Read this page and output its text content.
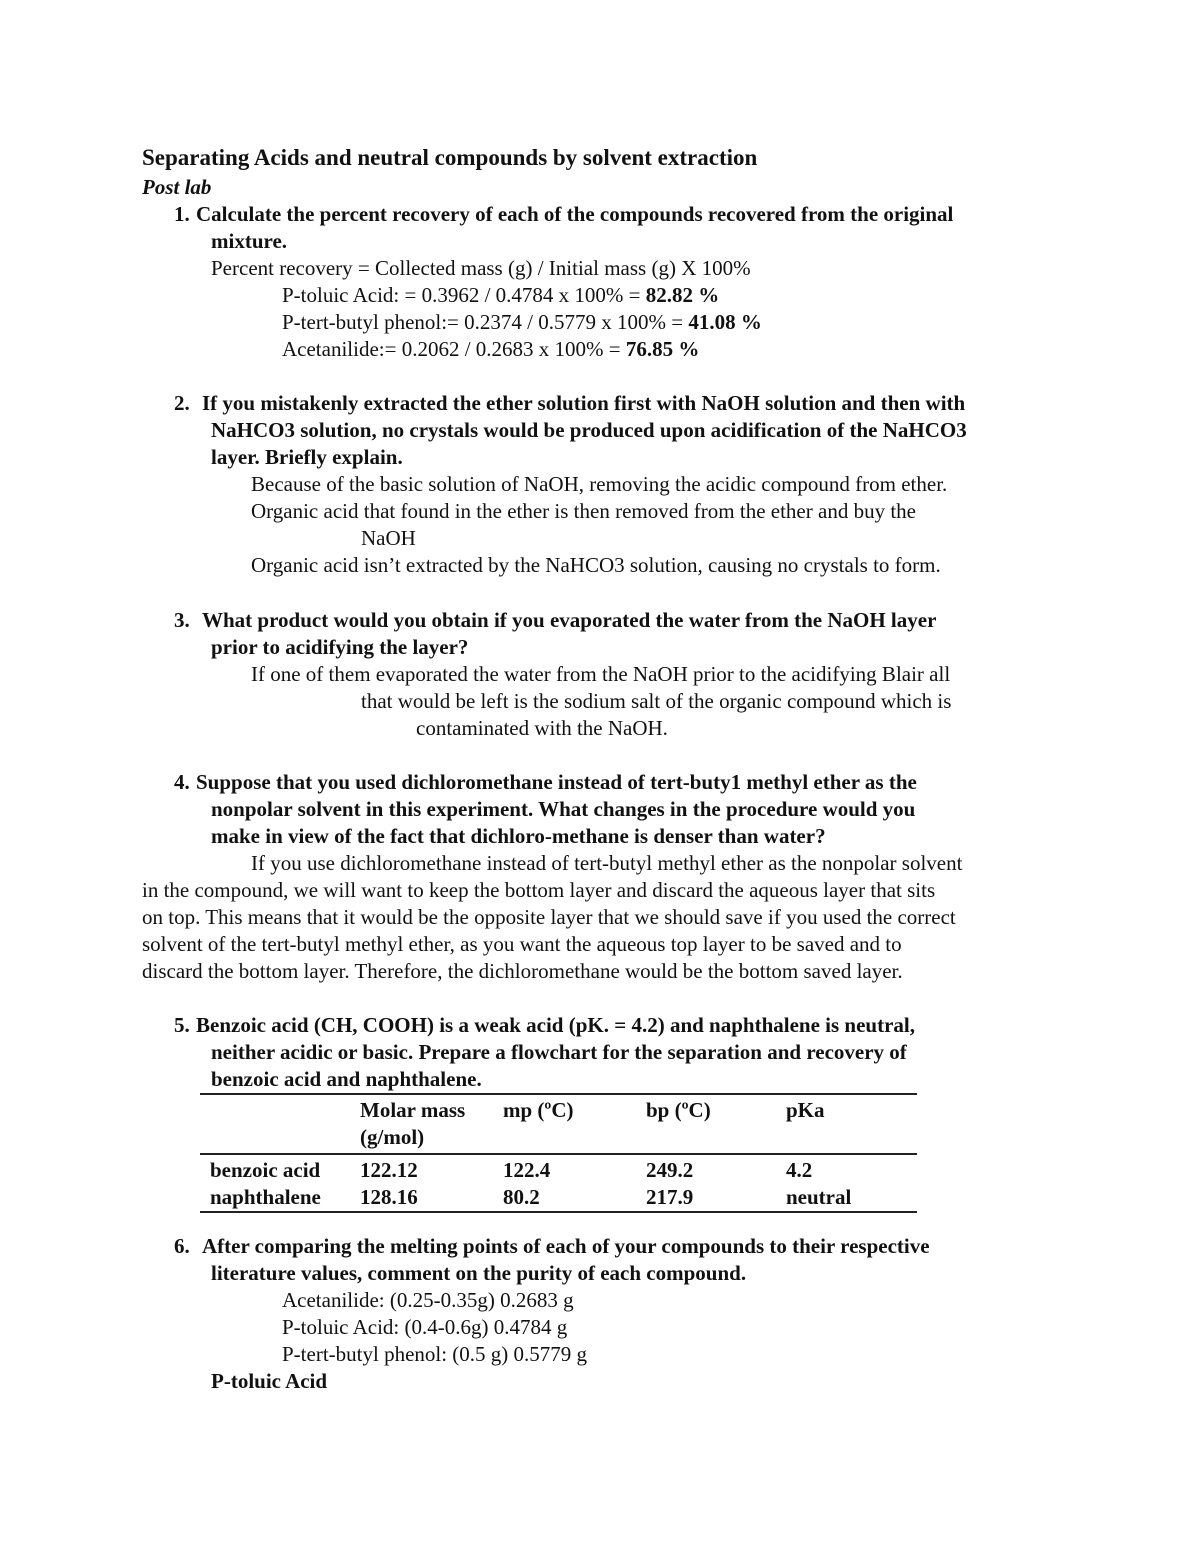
Separating Acids and neutral compounds by solvent extraction
Post lab
1. Calculate the percent recovery of each of the compounds recovered from the original
mixture.
Percent recovery = Collected mass (g) / Initial mass (g) X 100%
P-toluic Acid: = 0.3962 / 0.4784 x 100% = 82.82 %
P-tert-butyl phenol:= 0.2374 / 0.5779 x 100% = 41.08 %
Acetanilide:= 0.2062 / 0.2683 x 100% = 76.85 %
2. If you mistakenly extracted the ether solution first with NaOH solution and then with
NaHCO3 solution, no crystals would be produced upon acidification of the NaHCO3
layer. Briefly explain.
Because of the basic solution of NaOH, removing the acidic compound from ether.
Organic acid that found in the ether is then removed from the ether and buy the
NaOH
Organic acid isn’t extracted by the NaHCO3 solution, causing no crystals to form.
3. What product would you obtain if you evaporated the water from the NaOH layer
prior to acidifying the layer?
If one of them evaporated the water from the NaOH prior to the acidifying Blair all
that would be left is the sodium salt of the organic compound which is
contaminated with the NaOH.
4. Suppose that you used dichloromethane instead of tert-buty1 methyl ether as the
nonpolar solvent in this experiment. What changes in the procedure would you
make in view of the fact that dichloro-methane is denser than water?
If you use dichloromethane instead of tert-butyl methyl ether as the nonpolar solvent
in the compound, we will want to keep the bottom layer and discard the aqueous layer that sits
on top. This means that it would be the opposite layer that we should save if you used the correct
solvent of the tert-butyl methyl ether, as you want the aqueous top layer to be saved and to
discard the bottom layer. Therefore, the dichloromethane would be the bottom saved layer.
5. Benzoic acid (CH, COOH) is a weak acid (pK. = 4.2) and naphthalene is neutral,
neither acidic or basic. Prepare a flowchart for the separation and recovery of
benzoic acid and naphthalene.
	Molar mass (g/mol)	mp (ºC)	bp (ºC)	pKa
benzoic acid	122.12	122.4	249.2	4.2
naphthalene	128.16	80.2	217.9	neutral
6. After comparing the melting points of each of your compounds to their respective
literature values, comment on the purity of each compound.
Acetanilide: (0.25-0.35g) 0.2683 g
P-toluic Acid: (0.4-0.6g) 0.4784 g
P-tert-butyl phenol: (0.5 g) 0.5779 g
P-toluic Acid
